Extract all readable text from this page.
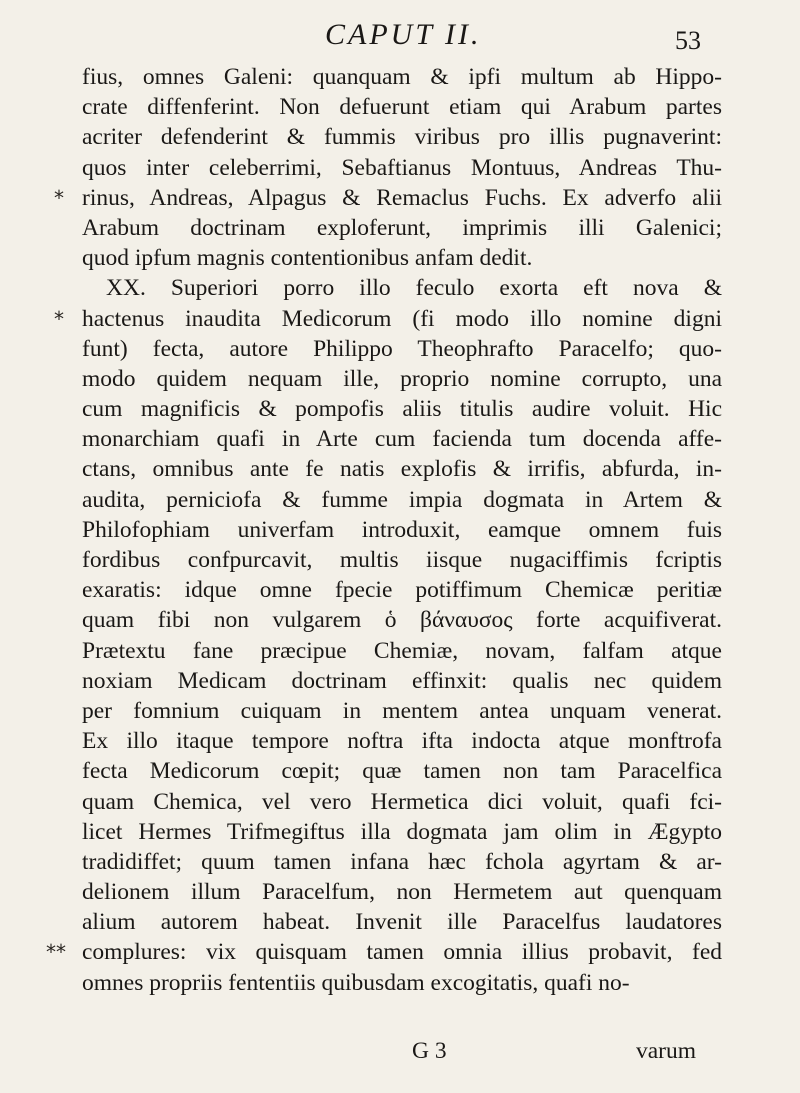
CAPUT II.	53
fius, omnes Galeni: quanquam & ipfi multum ab Hippo-
crate diffenferint. Non defuerunt etiam qui Arabum partes
acriter defenderint & fummis viribus pro illis pugnaverint:
quos inter celeberrimi, Sebaftianus Montuus, Andreas Thu-
* rinus, Andreas, Alpagus & Remaclus Fuchs. Ex adverfo alii
Arabum doctrinam exploferunt, imprimis illi Galenici;
quod ipfum magnis contentionibus anfam dedit.
XX. Superiori porro illo feculo exorta eft nova &
* hactenus inaudita Medicorum (fi modo illo nomine digni
funt) fecta, autore Philippo Theophrafto Paracelfo; quo-
modo quidem nequam ille, proprio nomine corrupto, una
cum magnificis & pompofis aliis titulis audire voluit. Hic
monarchiam quafi in Arte cum facienda tum docenda affe-
ctans, omnibus ante fe natis explofis & irrifis, abfurda, in-
audita, perniciofa & fumme impia dogmata in Artem &
Philofophiam univerfam introduxit, eamque omnem fuis
fordibus confpurcavit, multis iisque nugaciffimis fcriptis
exaratis: idque omne fpecie potiffimum Chemicæ peritiæ
quam fibi non vulgarem ὁ βάναυσος forte acquifiverat.
Prætextu fane præcipue Chemiæ, novam, falfam atque
noxiam Medicam doctrinam effinxit: qualis nec quidem
per fomnium cuiquam in mentem antea unquam venerat.
Ex illo itaque tempore noftra ifta indocta atque monftrofa
fecta Medicorum cœpit; quæ tamen non tam Paracelfica
quam Chemica, vel vero Hermetica dici voluit, quafi fci-
licet Hermes Trifmegiftus illa dogmata jam olim in Ægypto
tradidiffet; quum tamen infana hæc fchola agyrtam & ar-
delionem illum Paracelfum, non Hermetem aut quenquam
alium autorem habeat. Invenit ille Paracelfus laudatores
** complures: vix quisquam tamen omnia illius probavit, fed
omnes propriis fententiis quibusdam excogitatis, quafi no-
G 3	varum
